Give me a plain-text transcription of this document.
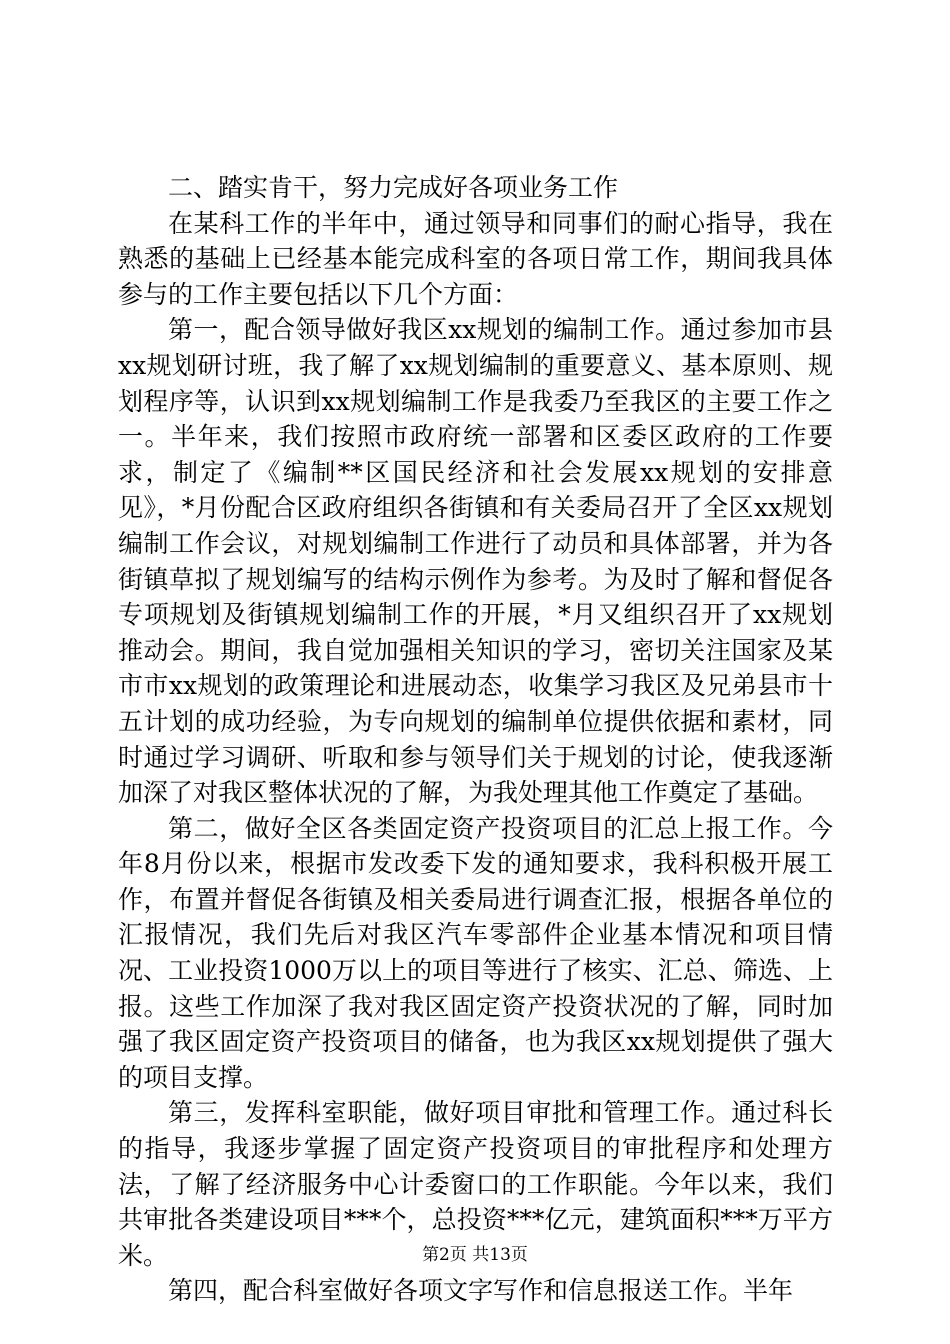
二、踏实肯干，努力完成好各项业务工作

在某科工作的半年中，通过领导和同事们的耐心指导，我在熟悉的基础上已经基本能完成科室的各项日常工作，期间我具体参与的工作主要包括以下几个方面：

第一，配合领导做好我区xx规划的编制工作。通过参加市县xx规划研讨班，我了解了xx规划编制的重要意义、基本原则、规划程序等，认识到xx规划编制工作是我委乃至我区的主要工作之一。半年来，我们按照市政府统一部署和区委区政府的工作要求，制定了《编制**区国民经济和社会发展xx规划的安排意见》，*月份配合区政府组织各街镇和有关委局召开了全区xx规划编制工作会议，对规划编制工作进行了动员和具体部署，并为各街镇草拟了规划编写的结构示例作为参考。为及时了解和督促各专项规划及街镇规划编制工作的开展，*月又组织召开了xx规划推动会。期间，我自觉加强相关知识的学习，密切关注国家及某市市xx规划的政策理论和进展动态，收集学习我区及兄弟县市十五计划的成功经验，为专向规划的编制单位提供依据和素材，同时通过学习调研、听取和参与领导们关于规划的讨论，使我逐渐加深了对我区整体状况的了解，为我处理其他工作奠定了基础。

第二，做好全区各类固定资产投资项目的汇总上报工作。今年8月份以来，根据市发改委下发的通知要求，我科积极开展工作，布置并督促各街镇及相关委局进行调查汇报，根据各单位的汇报情况，我们先后对我区汽车零部件企业基本情况和项目情况、工业投资1000万以上的项目等进行了核实、汇总、筛选、上报。这些工作加深了我对我区固定资产投资状况的了解，同时加强了我区固定资产投资项目的储备，也为我区xx规划提供了强大的项目支撑。

第三，发挥科室职能，做好项目审批和管理工作。通过科长的指导，我逐步掌握了固定资产投资项目的审批程序和处理方法，了解了经济服务中心计委窗口的工作职能。今年以来，我们共审批各类建设项目***个，总投资***亿元，建筑面积***万平方米。

第四，配合科室做好各项文字写作和信息报送工作。半年

第2页 共13页
